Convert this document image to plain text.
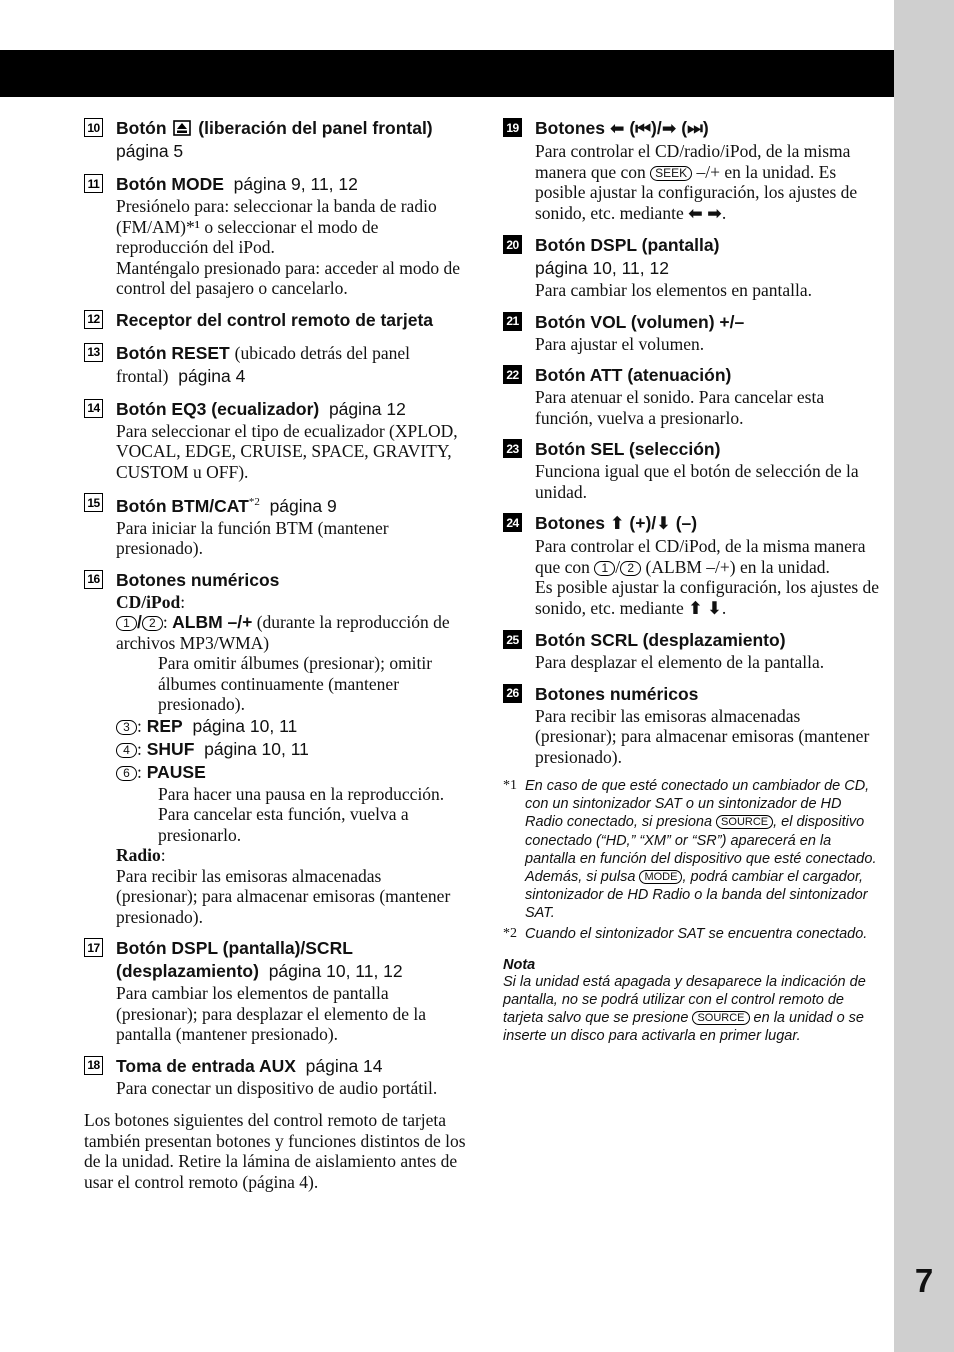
7
10 Botón (liberación del panel frontal)
página 5
11 Botón MODE página 9, 11, 12
Presiónelo para: seleccionar la banda de radio (FM/AM)*¹ o seleccionar el modo de reproducción del iPod.
Manténgalo presionado para: acceder al modo de control del pasajero o cancelarlo.
12 Receptor del control remoto de tarjeta
13 Botón RESET (ubicado detrás del panel frontal) página 4
14 Botón EQ3 (ecualizador) página 12
Para seleccionar el tipo de ecualizador (XPLOD, VOCAL, EDGE, CRUISE, SPACE, GRAVITY, CUSTOM u OFF).
15 Botón BTM/CAT$^{*2}$ página 9
Para iniciar la función BTM (mantener presionado).
16 Botones numéricos
CD/iPod:
1 / 2 : ALBM –/+ (durante la reproducción de archivos MP3/WMA)
Para omitir álbumes (presionar); omitir álbumes continuamente (mantener presionado).
3 : REP página 10, 11
4 : SHUF página 10, 11
6 : PAUSE
Para hacer una pausa en la reproducción. Para cancelar esta función, vuelva a presionarlo.
Radio:
Para recibir las emisoras almacenadas (presionar); para almacenar emisoras (mantener presionado).
17 Botón DSPL (pantalla)/SCRL (desplazamiento) página 10, 11, 12
Para cambiar los elementos de pantalla (presionar); para desplazar el elemento de la pantalla (mantener presionado).
18 Toma de entrada AUX página 14
Para conectar un dispositivo de audio portátil.
Los botones siguientes del control remoto de tarjeta también presentan botones y funciones distintos de los de la unidad. Retire la lámina de aislamiento antes de usar el control remoto (página 4).
19 Botones ⬅ (⏮)/➡ (⏭)
Para controlar el CD/radio/iPod, de la misma manera que con SEEK –/+ en la unidad. Es posible ajustar la configuración, los ajustes de sonido, etc. mediante ⬅ ➡.
20 Botón DSPL (pantalla)
página 10, 11, 12
Para cambiar los elementos en pantalla.
21 Botón VOL (volumen) +/–
Para ajustar el volumen.
22 Botón ATT (atenuación)
Para atenuar el sonido. Para cancelar esta función, vuelva a presionarlo.
23 Botón SEL (selección)
Funciona igual que el botón de selección de la unidad.
24 Botones ⬆ (+)/⬇ (–)
Para controlar el CD/iPod, de la misma manera que con 1 / 2 (ALBM –/+) en la unidad.
Es posible ajustar la configuración, los ajustes de sonido, etc. mediante ⬆ ⬇.
25 Botón SCRL (desplazamiento)
Para desplazar el elemento de la pantalla.
26 Botones numéricos
Para recibir las emisoras almacenadas (presionar); para almacenar emisoras (mantener presionado).
*1 En caso de que esté conectado un cambiador de CD, con un sintonizador SAT o un sintonizador de HD Radio conectado, si presiona SOURCE , el dispositivo conectado (“HD,” “XM” or “SR”) aparecerá en la pantalla en función del dispositivo que esté conectado. Además, si pulsa MODE , podrá cambiar el cargador, sintonizador de HD Radio o la banda del sintonizador SAT.
*2 Cuando el sintonizador SAT se encuentra conectado.
Nota
Si la unidad está apagada y desaparece la indicación de pantalla, no se podrá utilizar con el control remoto de tarjeta salvo que se presione SOURCE en la unidad o se inserte un disco para activarla en primer lugar.
